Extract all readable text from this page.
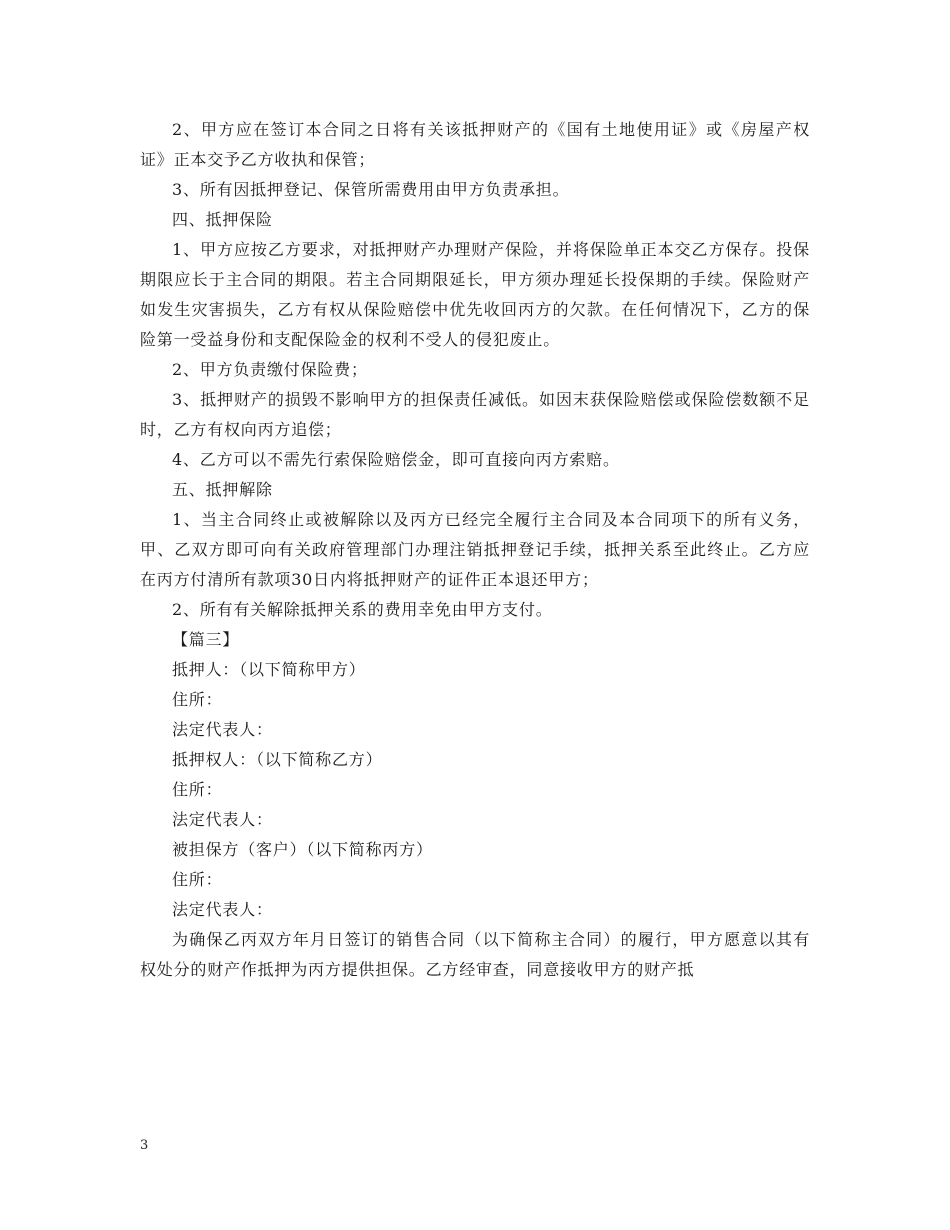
2、甲方应在签订本合同之日将有关该抵押财产的《国有土地使用证》或《房屋产权证》正本交予乙方收执和保管；

3、所有因抵押登记、保管所需费用由甲方负责承担。

四、抵押保险

1、甲方应按乙方要求，对抵押财产办理财产保险，并将保险单正本交乙方保存。投保期限应长于主合同的期限。若主合同期限延长，甲方须办理延长投保期的手续。保险财产如发生灾害损失，乙方有权从保险赔偿中优先收回丙方的欠款。在任何情况下，乙方的保险第一受益身份和支配保险金的权利不受人的侵犯废止。

2、甲方负责缴付保险费；

3、抵押财产的损毁不影响甲方的担保责任减低。如因末获保险赔偿或保险偿数额不足时，乙方有权向丙方追偿；

4、乙方可以不需先行索保险赔偿金，即可直接向丙方索赔。

五、抵押解除

1、当主合同终止或被解除以及丙方已经完全履行主合同及本合同项下的所有义务，甲、乙双方即可向有关政府管理部门办理注销抵押登记手续，抵押关系至此终止。乙方应在丙方付清所有款项30日内将抵押财产的证件正本退还甲方；

2、所有有关解除抵押关系的费用幸免由甲方支付。

【篇三】

抵押人：（以下简称甲方）

住所：

法定代表人：

抵押权人：（以下简称乙方）

住所：

法定代表人：

被担保方（客户）（以下简称丙方）

住所：

法定代表人：

为确保乙丙双方年月日签订的销售合同（以下简称主合同）的履行，甲方愿意以其有权处分的财产作抵押为丙方提供担保。乙方经审查，同意接收甲方的财产抵

3
